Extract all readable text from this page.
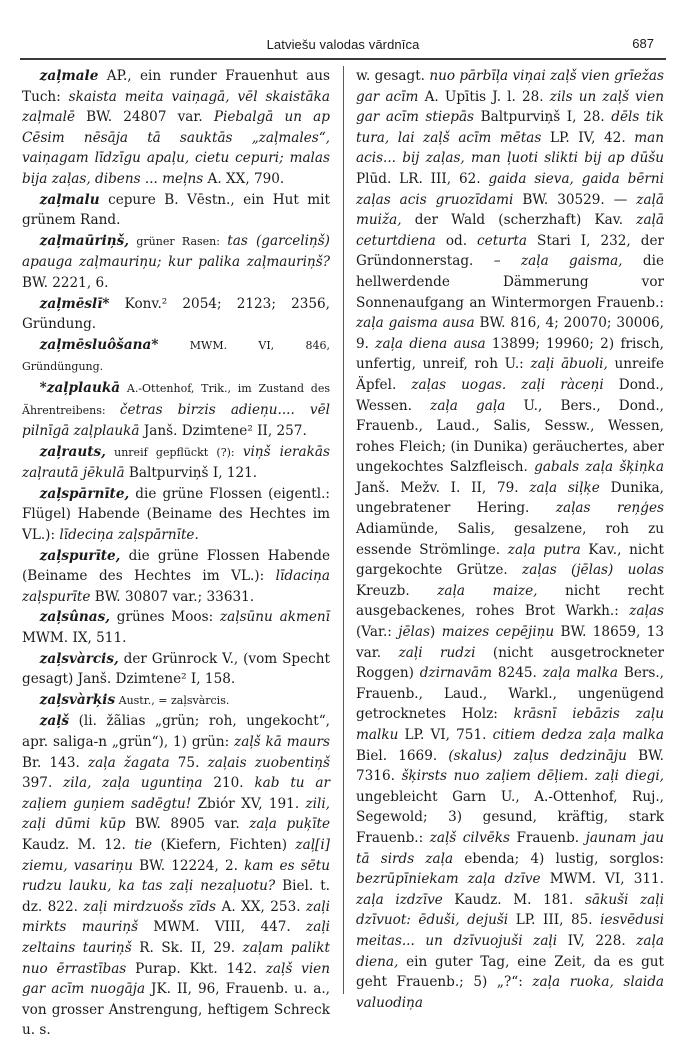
Latviešu valodas vārdnīca	687

zaļmale AP., ein runder Frauenhut aus Tuch: skaista meita vaiņagā, vēl skaistāka zaļmalē BW. 24807 var. Piebalgā un ap Cēsim nēsāja tā sauktās „zaļmales“, vaiņagam līdzīgu apaļu, cietu cepuri; malas bija zaļas, dibens ... meļns A. XX, 790.

zaļmalu cepure B. Vēstn., ein Hut mit grünem Rand.

zaļmaūriņš, grüner Rasen: tas (garceliņš) apauga zaļmauriņu; kur palika zaļmauriņš? BW. 2221, 6.

zaļmēslī* Konv.² 2054; 2123; 2356, Gründung.

zaļmēsluôšana* MWM. VI, 846, Gründüngung.

*zaļplaukā A.-Ottenhof, Trik., im Zustand des Ährentreibens: četras birzis adieņu.... vēl pilnīgā zaļplaukā Janš. Dzimtene² II, 257.

zaļrauts, unreif gepflückt (?): viņš ierakās zaļrautā jēkulā Baltpurviņš I, 121.

zaļspārnīte, die grüne Flossen (eigentl.: Flügel) Habende (Beiname des Hechtes im VL.): līdeciņa zaļspārnīte.

zaļspurīte, die grüne Flossen Habende (Beiname des Hechtes im VL.): līdaciņa zaļspurīte BW. 30807 var.; 33631.

zaļsûnas, grünes Moos: zaļsūnu akmenī MWM. IX, 511.

zaļsvàrcis, der Grünrock V., (vom Specht gesagt) Janš. Dzimtene² I, 158.

zaļsvàrķis Austr., = zaļsvàrcis.

zaļš (li. žãlias „grün; roh, ungekocht“, apr. saliga-n „grün“), 1) grün: zaļš kā maurs Br. 143. zaļa žagata 75. zaļais zuobentiņš 397. zila, zaļa uguntiņa 210. kab tu ar zaļiem guņiem sadēgtu! Zbiór XV, 191. zili, zaļi dūmi kūp BW. 8905 var. zaļa puķīte Kaudz. M. 12. tie (Kiefern, Fichten) zaļ[i] ziemu, vasariņu BW. 12224, 2. kam es sētu rudzu lauku, ka tas zaļi nezaļuotu? Biel. t. dz. 822. zaļi mirdzuošs zīds A. XX, 253. zaļi mirkts mauriņš MWM. VIII, 447. zaļi zeltains tauriņš R. Sk. II, 29. zaļam palikt nuo ērrastības Purap. Kkt. 142. zaļš vien gar acīm nuogāja JK. II, 96, Frauenb. u. a., von grosser Anstrengung, heftigem Schreck u. s.

w. gesagt. nuo pārbīļa viņai zaļš vien grīežas gar acīm A. Upītis J. l. 28. zils un zaļš vien gar acīm stiepās Baltpurviņš I, 28. dēls tik tura, lai zaļš acīm mētas LP. IV, 42. man acis... bij zaļas, man ļuoti slikti bij ap dūšu Plūd. LR. III, 62. gaida sieva, gaida bērni zaļas acis gruozīdami BW. 30529. — zaļā muiža, der Wald (scherzhaft) Kav. zaļā ceturtdiena od. ceturta Stari I, 232, der Gründonnerstag. – zaļa gaisma, die hellwerdende Dämmerung vor Sonnenaufgang an Wintermorgen Frauenb.: zaļa gaisma ausa BW. 816, 4; 20070; 30006, 9. zaļa diena ausa 13899; 19960; 2) frisch, unfertig, unreif, roh U.: zaļi ābuoli, unreife Äpfel. zaļas uogas. zaļi ràceņi Dond., Wessen. zaļa gaļa U., Bers., Dond., Frauenb., Laud., Salis, Sessw., Wessen, rohes Fleich; (in Dunika) geräuchertes, aber ungekochtes Salzfleisch. gabals zaļa šķiņka Janš. Mežv. I. II, 79. zaļa siļķe Dunika, ungebratener Hering. zaļas reņģes Adiamünde, Salis, gesalzene, roh zu essende Strömlinge. zaļa putra Kav., nicht gargekochte Grütze. zaļas (jēlas) uolas Kreuzb. zaļa maize, nicht recht ausgebackenes, rohes Brot Warkh.: zaļas (Var.: jēlas) maizes cepējiņu BW. 18659, 13 var. zaļi rudzi (nicht ausgetrockneter Roggen) dzirnavām 8245. zaļa malka Bers., Frauenb., Laud., Warkl., ungenügend getrocknetes Holz: krāsnī iebāzis zaļu malku LP. VI, 751. citiem dedza zaļa malka Biel. 1669. (skalus) zaļus dedzināju BW. 7316. šķirsts nuo zaļiem dēļiem. zaļi diegi, ungebleicht Garn U., A.-Ottenhof, Ruj., Segewold; 3) gesund, kräftig, stark Frauenb.: zaļš cilvēks Frauenb. jaunam jau tā sirds zaļa ebenda; 4) lustig, sorglos: bezrūpīniekam zaļa dzīve MWM. VI, 311. zaļa izdzīve Kaudz. M. 181. sākuši zaļi dzīvuot: ēduši, dejuši LP. III, 85. iesvēdusi meitas... un dzīvuojuši zaļi IV, 228. zaļa diena, ein guter Tag, eine Zeit, da es gut geht Frauenb.; 5) „?“: zaļa ruoka, slaida valuodiņa
